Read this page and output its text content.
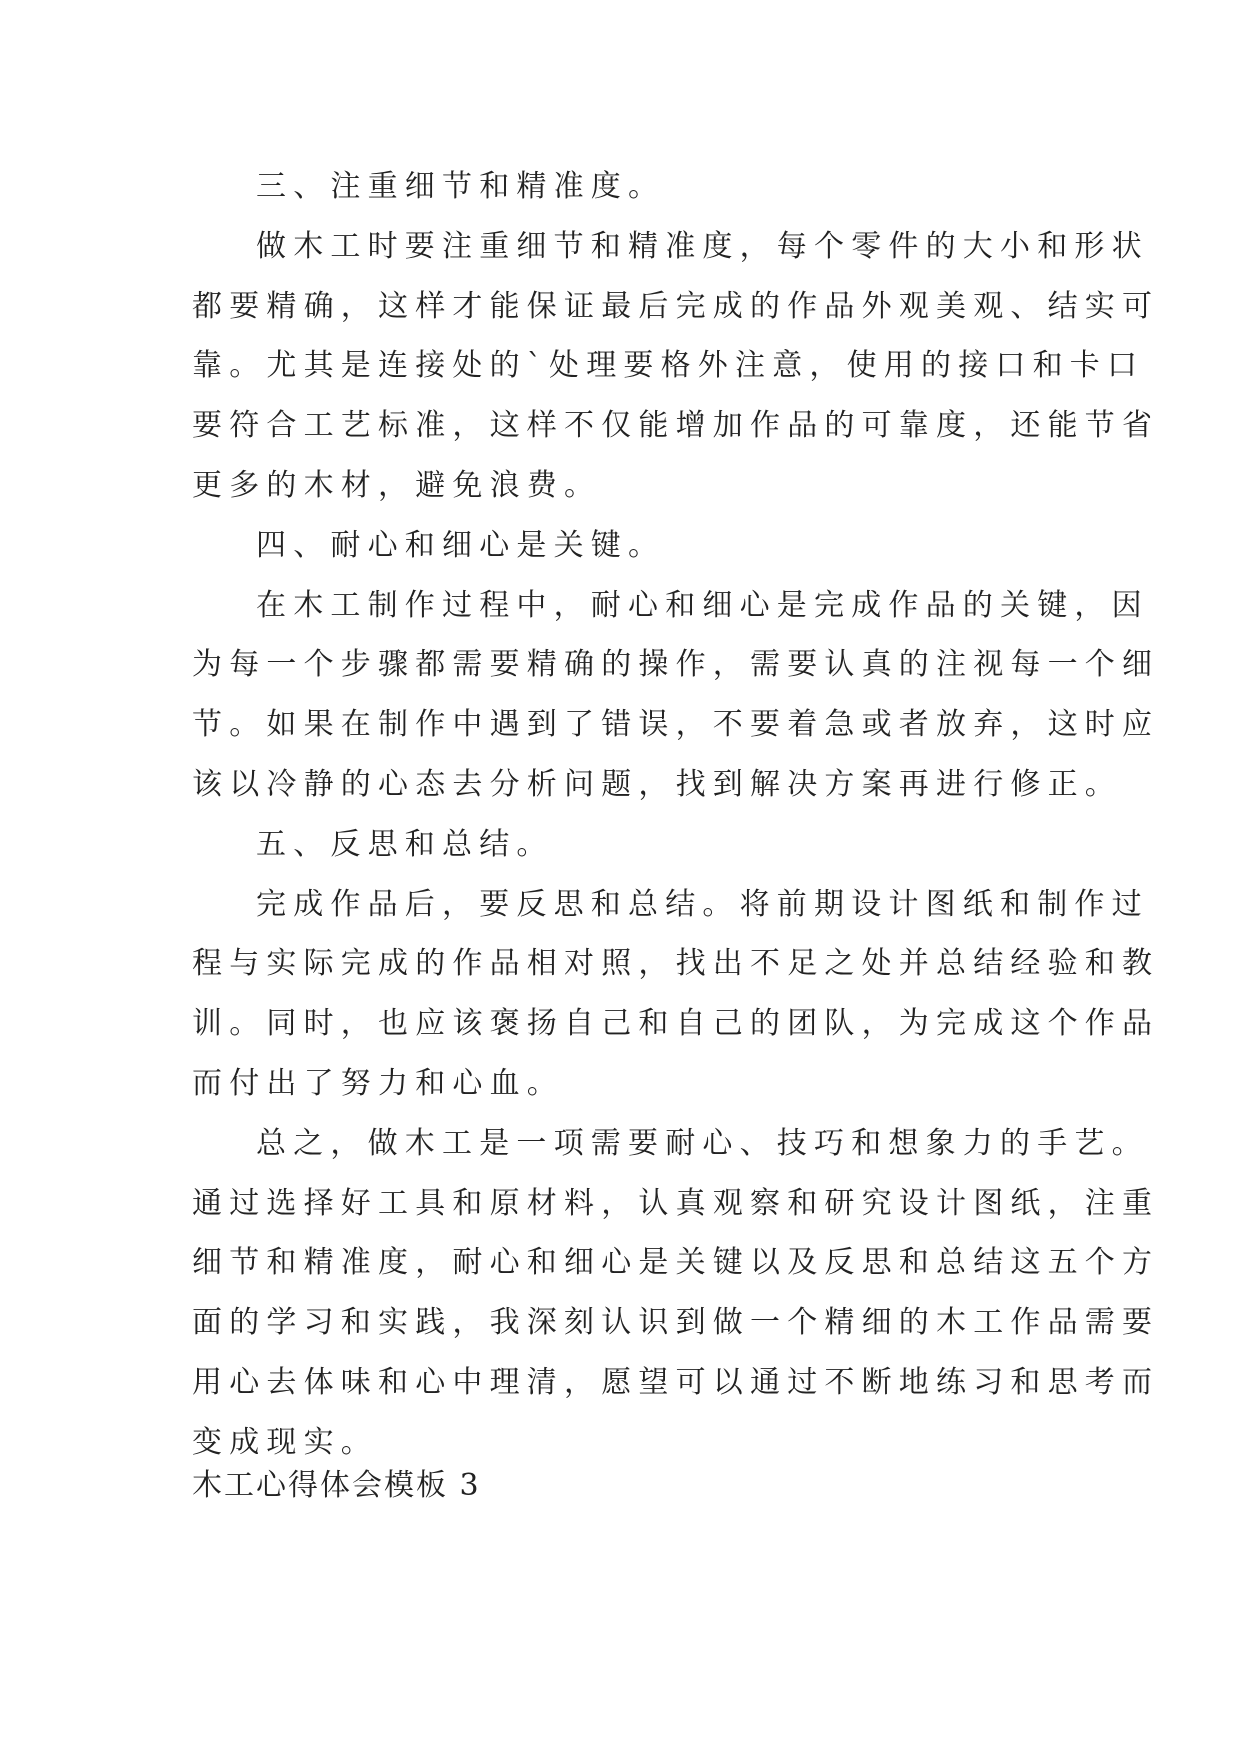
三、注重细节和精准度。

做木工时要注重细节和精准度，每个零件的大小和形状
都要精确，这样才能保证最后完成的作品外观美观、结实可
靠。尤其是连接处的`处理要格外注意，使用的接口和卡口
要符合工艺标准，这样不仅能增加作品的可靠度，还能节省
更多的木材，避免浪费。

四、耐心和细心是关键。

在木工制作过程中，耐心和细心是完成作品的关键，因
为每一个步骤都需要精确的操作，需要认真的注视每一个细
节。如果在制作中遇到了错误，不要着急或者放弃，这时应
该以冷静的心态去分析问题，找到解决方案再进行修正。

五、反思和总结。

完成作品后，要反思和总结。将前期设计图纸和制作过
程与实际完成的作品相对照，找出不足之处并总结经验和教
训。同时，也应该褒扬自己和自己的团队，为完成这个作品
而付出了努力和心血。

总之，做木工是一项需要耐心、技巧和想象力的手艺。
通过选择好工具和原材料，认真观察和研究设计图纸，注重
细节和精准度，耐心和细心是关键以及反思和总结这五个方
面的学习和实践，我深刻认识到做一个精细的木工作品需要
用心去体味和心中理清，愿望可以通过不断地练习和思考而
变成现实。

木工心得体会模板 3
